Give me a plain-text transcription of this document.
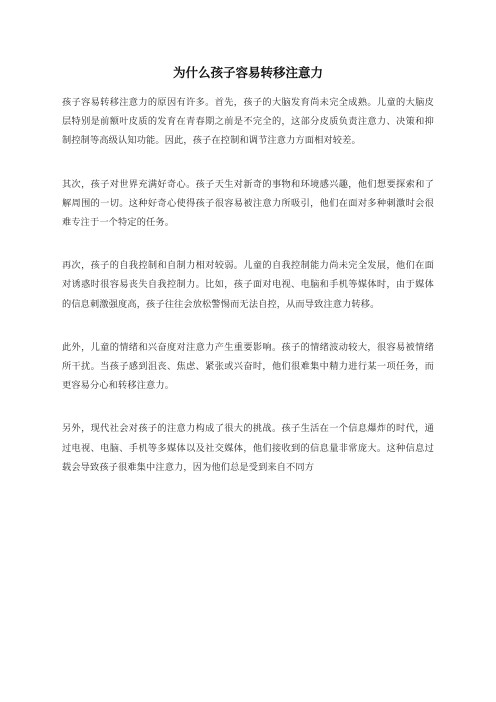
为什么孩子容易转移注意力

孩子容易转移注意力的原因有许多。首先，孩子的大脑发育尚未完全成熟。儿童的大脑皮层特别是前额叶皮质的发育在青春期之前是不完全的，这部分皮质负责注意力、决策和抑制控制等高级认知功能。因此，孩子在控制和调节注意力方面相对较差。

其次，孩子对世界充满好奇心。孩子天生对新奇的事物和环境感兴趣，他们想要探索和了解周围的一切。这种好奇心使得孩子很容易被注意力所吸引，他们在面对多种刺激时会很难专注于一个特定的任务。

再次，孩子的自我控制和自制力相对较弱。儿童的自我控制能力尚未完全发展，他们在面对诱惑时很容易丧失自我控制力。比如，孩子面对电视、电脑和手机等媒体时，由于媒体的信息刺激强度高，孩子往往会放松警惕而无法自控，从而导致注意力转移。

此外，儿童的情绪和兴奋度对注意力产生重要影响。孩子的情绪波动较大，很容易被情绪所干扰。当孩子感到沮丧、焦虑、紧张或兴奋时，他们很难集中精力进行某一项任务，而更容易分心和转移注意力。

另外，现代社会对孩子的注意力构成了很大的挑战。孩子生活在一个信息爆炸的时代，通过电视、电脑、手机等多媒体以及社交媒体，他们接收到的信息量非常庞大。这种信息过载会导致孩子很难集中注意力，因为他们总是受到来自不同方
